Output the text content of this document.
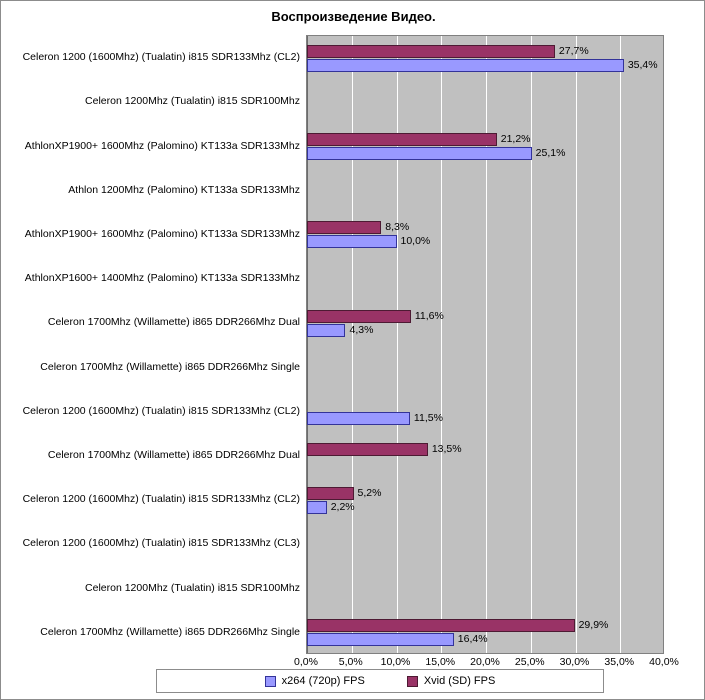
Воспроизведение Видео.
Celeron 1200 (1600Mhz) (Tualatin) i815 SDR133Mhz (CL2)
Celeron 1200Mhz (Tualatin) i815 SDR100Mhz
AthlonXP1900+ 1600Mhz (Palomino) KT133a SDR133Mhz
Athlon 1200Mhz (Palomino) KT133a SDR133Mhz
AthlonXP1900+ 1600Mhz (Palomino) KT133a SDR133Mhz
AthlonXP1600+ 1400Mhz (Palomino) KT133a SDR133Mhz
Celeron 1700Mhz (Willamette) i865 DDR266Mhz Dual
Celeron 1700Mhz (Willamette) i865 DDR266Mhz Single
Celeron 1200 (1600Mhz) (Tualatin) i815 SDR133Mhz (CL2)
Celeron 1700Mhz (Willamette) i865 DDR266Mhz Dual
Celeron 1200 (1600Mhz) (Tualatin) i815 SDR133Mhz (CL2)
Celeron 1200 (1600Mhz) (Tualatin) i815 SDR133Mhz (CL3)
Celeron 1200Mhz (Tualatin) i815 SDR100Mhz
Celeron 1700Mhz (Willamette) i865 DDR266Mhz Single
27,7%
35,4%
21,2%
25,1%
8,3%
10,0%
11,6%
4,3%
11,5%
13,5%
5,2%
2,2%
29,9%
16,4%
0,0% 5,0% 10,0% 15,0% 20,0% 25,0% 30,0% 35,0% 40,0%
x264 (720p) FPS	Xvid (SD) FPS
